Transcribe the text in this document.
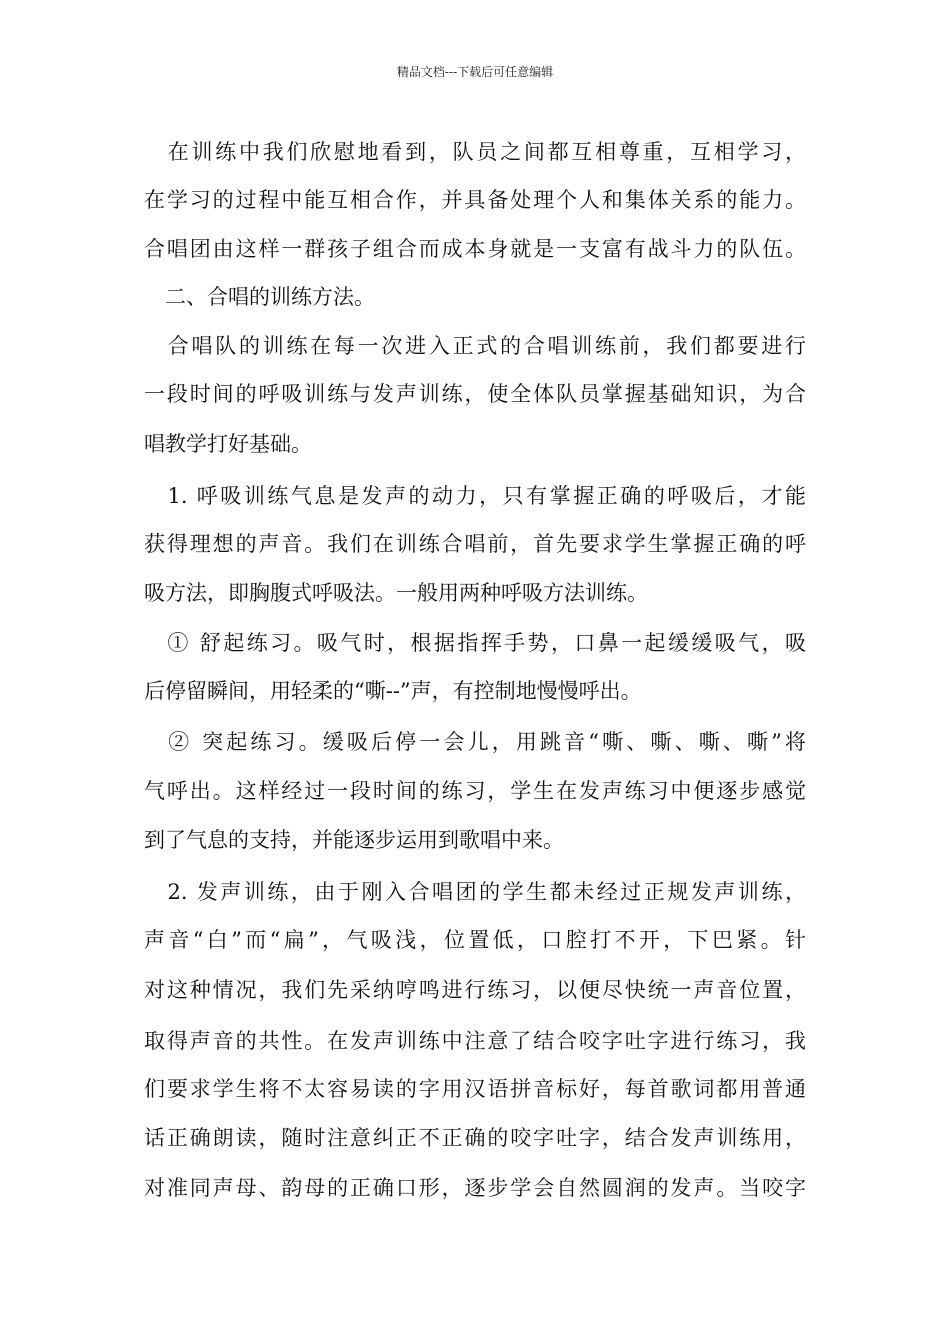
精品文档---下载后可任意编辑
　在训练中我们欣慰地看到，队员之间都互相尊重，互相学习，
在学习的过程中能互相合作，并具备处理个人和集体关系的能力。
合唱团由这样一群孩子组合而成本身就是一支富有战斗力的队伍。
　二、合唱的训练方法。
　合唱队的训练在每一次进入正式的合唱训练前，我们都要进行
一段时间的呼吸训练与发声训练，使全体队员掌握基础知识，为合
唱教学打好基础。
　1. 呼吸训练气息是发声的动力，只有掌握正确的呼吸后，才能
获得理想的声音。我们在训练合唱前，首先要求学生掌握正确的呼
吸方法，即胸腹式呼吸法。一般用两种呼吸方法训练。
　① 舒起练习。吸气时，根据指挥手势，口鼻一起缓缓吸气，吸
后停留瞬间，用轻柔的“嘶--”声，有控制地慢慢呼出。
　② 突起练习。缓吸后停一会儿，用跳音“嘶、嘶、嘶、嘶”将
气呼出。这样经过一段时间的练习，学生在发声练习中便逐步感觉
到了气息的支持，并能逐步运用到歌唱中来。
　2. 发声训练，由于刚入合唱团的学生都未经过正规发声训练，
声音“白”而“扁”，气吸浅，位置低，口腔打不开，下巴紧。针
对这种情况，我们先采纳哼鸣进行练习，以便尽快统一声音位置，
取得声音的共性。在发声训练中注意了结合咬字吐字进行练习，我
们要求学生将不太容易读的字用汉语拼音标好，每首歌词都用普通
话正确朗读，随时注意纠正不正确的咬字吐字，结合发声训练用，
对准同声母、韵母的正确口形，逐步学会自然圆润的发声。当咬字
